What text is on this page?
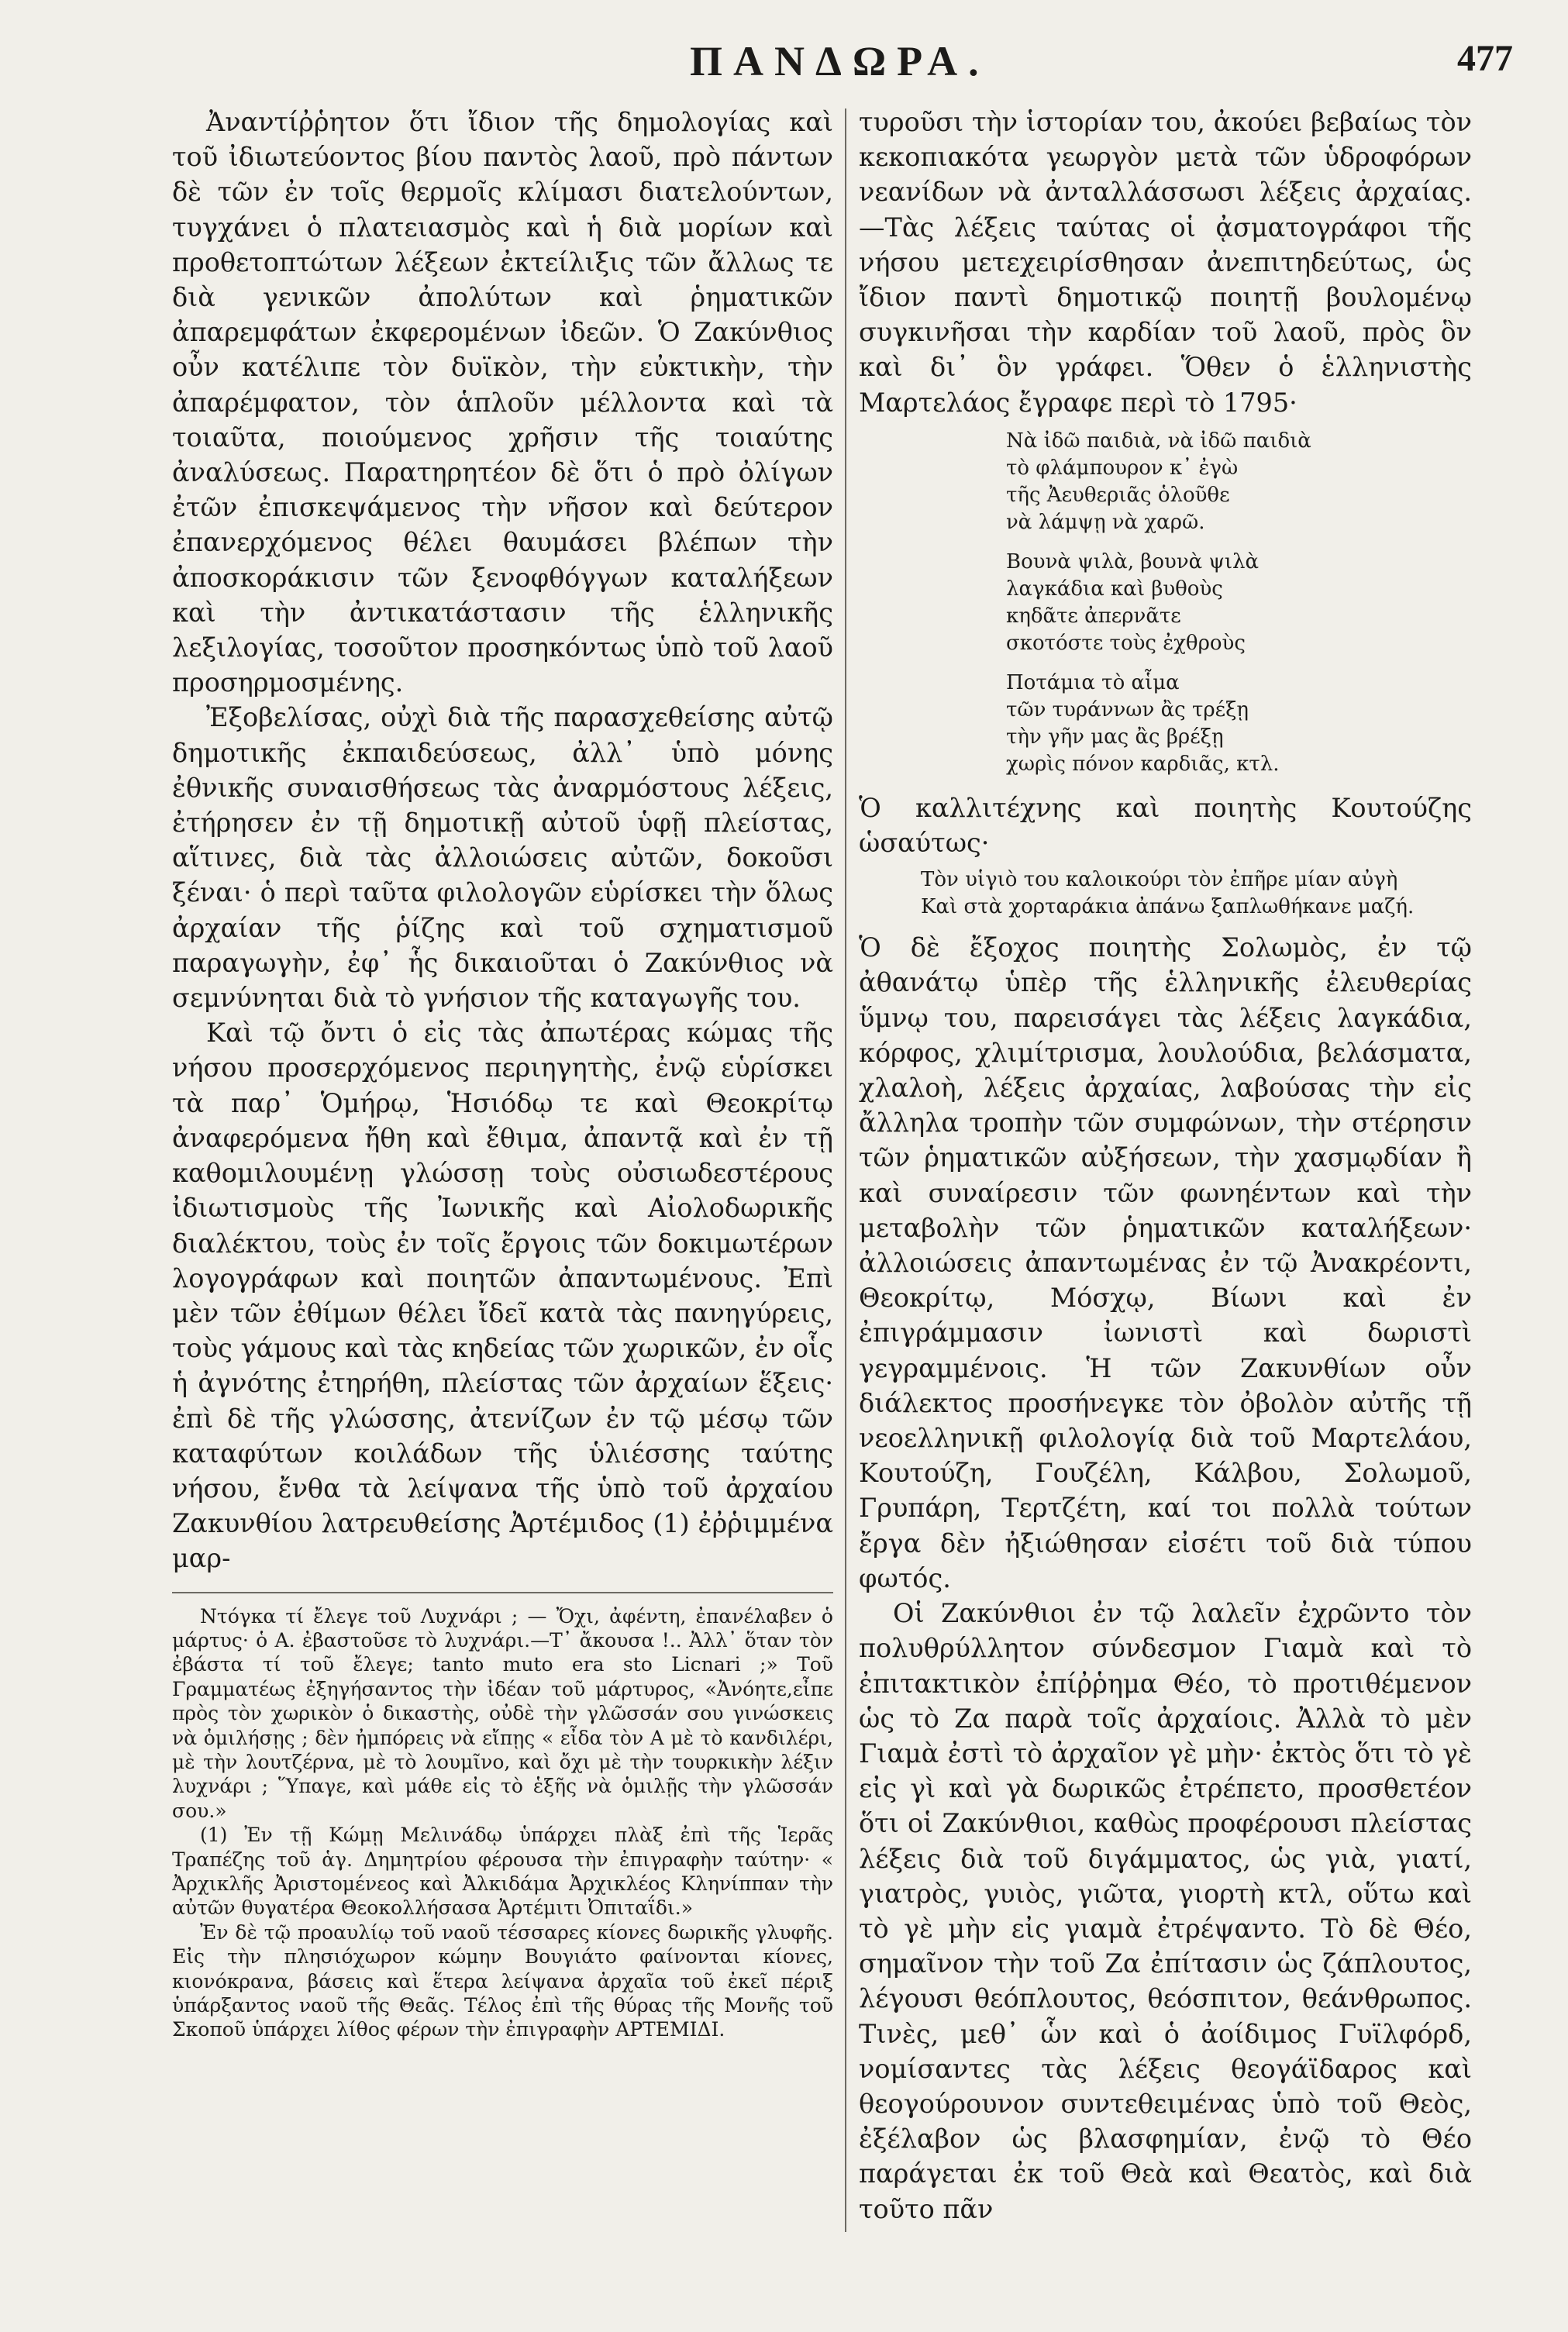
ΠΑΝΔΩΡΑ.	477

Ἀναντίῤῥητον ὅτι ἴδιον τῆς δημολογίας καὶ τοῦ ἰδιωτεύοντος βίου παντὸς λαοῦ, πρὸ πάντων δὲ τῶν ἐν τοῖς θερμοῖς κλίμασι διατελούντων, τυγχάνει ὁ πλατειασμὸς καὶ ἡ διὰ μορίων καὶ προθετοπτώτων λέξεων ἐκτείλιξις τῶν ἄλλως τε διὰ γενικῶν ἀπολύτων καὶ ῥηματικῶν ἀπαρεμφάτων ἐκφερομένων ἰδεῶν. Ὁ Ζακύνθιος οὖν κατέλιπε τὸν δυϊκὸν, τὴν εὐκτικὴν, τὴν ἀπαρέμφατον, τὸν ἁπλοῦν μέλλοντα καὶ τὰ τοιαῦτα, ποιούμενος χρῆσιν τῆς τοιαύτης ἀναλύσεως. Παρατηρητέον δὲ ὅτι ὁ πρὸ ὀλίγων ἐτῶν ἐπισκεψάμενος τὴν νῆσον καὶ δεύτερον ἐπανερχόμενος θέλει θαυμάσει βλέπων τὴν ἀποσκοράκισιν τῶν ξενοφθόγγων καταλήξεων καὶ τὴν ἀντικατάστασιν τῆς ἑλληνικῆς λεξιλογίας, τοσοῦτον προσηκόντως ὑπὸ τοῦ λαοῦ προσηρμοσμένης.

Ἐξοβελίσας, οὐχὶ διὰ τῆς παρασχεθείσης αὐτῷ δημοτικῆς ἐκπαιδεύσεως, ἀλλ᾽ ὑπὸ μόνης ἐθνικῆς συναισθήσεως τὰς ἀναρμόστους λέξεις, ἐτήρησεν ἐν τῇ δημοτικῇ αὐτοῦ ὑφῇ πλείστας, αἵτινες, διὰ τὰς ἀλλοιώσεις αὐτῶν, δοκοῦσι ξέναι· ὁ περὶ ταῦτα φιλολογῶν εὑρίσκει τὴν ὅλως ἀρχαίαν τῆς ῥίζης καὶ τοῦ σχηματισμοῦ παραγωγὴν, ἐφ᾽ ἧς δικαιοῦται ὁ Ζακύνθιος νὰ σεμνύνηται διὰ τὸ γνήσιον τῆς καταγωγῆς του.

Καὶ τῷ ὄντι ὁ εἰς τὰς ἀπωτέρας κώμας τῆς νήσου προσερχόμενος περιηγητὴς, ἐνῷ εὑρίσκει τὰ παρ᾽ Ὁμήρῳ, Ἡσιόδῳ τε καὶ Θεοκρίτῳ ἀναφερόμενα ἤθη καὶ ἔθιμα, ἀπαντᾷ καὶ ἐν τῇ καθομιλουμένῃ γλώσσῃ τοὺς οὐσιωδεστέρους ἰδιωτισμοὺς τῆς Ἰωνικῆς καὶ Αἰολοδωρικῆς διαλέκτου, τοὺς ἐν τοῖς ἔργοις τῶν δοκιμωτέρων λογογράφων καὶ ποιητῶν ἀπαντωμένους. Ἐπὶ μὲν τῶν ἐθίμων θέλει ἴδεῖ κατὰ τὰς πανηγύρεις, τοὺς γάμους καὶ τὰς κηδείας τῶν χωρικῶν, ἐν οἷς ἡ ἀγνότης ἐτηρήθη, πλείστας τῶν ἀρχαίων ἕξεις· ἐπὶ δὲ τῆς γλώσσης, ἀτενίζων ἐν τῷ μέσῳ τῶν καταφύτων κοιλάδων τῆς ὑλιέσσης ταύτης νήσου, ἔνθα τὰ λείψανα τῆς ὑπὸ τοῦ ἀρχαίου Ζακυνθίου λατρευθείσης Ἀρτέμιδος (1) ἐῤῥιμμένα μαρ-

Ντόγκα τί ἔλεγε τοῦ Λυχνάρι ; — Ὄχι, ἀφέντη, ἐπανέλαβεν ὁ μάρτυς· ὁ Α. ἐβαστοῦσε τὸ λυχνάρι.—Τ᾽ ἄκουσα !.. Ἀλλ᾽ ὅταν τὸν ἐβάστα τί τοῦ ἔλεγε; tanto muto era sto Licnari ;» Τοῦ Γραμματέως ἐξηγήσαντος τὴν ἰδέαν τοῦ μάρτυρος, «Ἀνόητε,εἶπε πρὸς τὸν χωρικὸν ὁ δικαστὴς, οὐδὲ τὴν γλῶσσάν σου γινώσκεις νὰ ὁμιλήσῃς ; δὲν ἠμπόρεις νὰ εἴπῃς « εἶδα τὸν Α μὲ τὸ κανδιλέρι, μὲ τὴν λουτζέρνα, μὲ τὸ λουμῖνο, καὶ ὄχι μὲ τὴν τουρκικὴν λέξιν λυχνάρι ; Ὕπαγε, καὶ μάθε εἰς τὸ ἑξῆς νὰ ὁμιλῇς τὴν γλῶσσάν σου.»

(1) Ἐν τῇ Κώμῃ Μελινάδῳ ὑπάρχει πλὰξ ἐπὶ τῆς Ἱερᾶς Τραπέζης τοῦ ἁγ. Δημητρίου φέρουσα τὴν ἐπιγραφὴν ταύτην· « Ἀρχικλῆς Ἀριστομένεος καὶ Ἀλκιδάμα Ἀρχικλέος Κληνίππαν τὴν αὐτῶν θυγατέρα Θεοκολλήσασα Ἀρτέμιτι Ὀπιταΐδι.»

Ἐν δὲ τῷ προαυλίῳ τοῦ ναοῦ τέσσαρες κίονες δωρικῆς γλυφῆς. Εἰς τὴν πλησιόχωρον κώμην Βουγιάτο φαίνονται κίονες, κιονόκρανα, βάσεις καὶ ἕτερα λείψανα ἀρχαῖα τοῦ ἐκεῖ πέριξ ὑπάρξαντος ναοῦ τῆς Θεᾶς. Τέλος ἐπὶ τῆς θύρας τῆς Μονῆς τοῦ Σκοποῦ ὑπάρχει λίθος φέρων τὴν ἐπιγραφὴν ΑΡΤΕΜΙΔΙ.

τυροῦσι τὴν ἱστορίαν του, ἀκούει βεβαίως τὸν κεκοπιακότα γεωργὸν μετὰ τῶν ὑδροφόρων νεανίδων νὰ ἀνταλλάσσωσι λέξεις ἀρχαίας.—Τὰς λέξεις ταύτας οἱ ᾀσματογράφοι τῆς νήσου μετεχειρίσθησαν ἀνεπιτηδεύτως, ὡς ἴδιον παντὶ δημοτικῷ ποιητῇ βουλομένῳ συγκινῆσαι τὴν καρδίαν τοῦ λαοῦ, πρὸς ὃν καὶ δι᾽ ὃν γράφει. Ὅθεν ὁ ἑλληνιστὴς Μαρτελάος ἔγραφε περὶ τὸ 1795·

Νὰ ἰδῶ παιδιὰ, νὰ ἰδῶ παιδιὰ
τὸ φλάμπουρον κ᾽ ἐγὼ
τῆς Ἀευθεριᾶς ὁλοῦθε
νὰ λάμψῃ νὰ χαρῶ.
Βουνὰ ψιλὰ, βουνὰ ψιλὰ
λαγκάδια καὶ βυθοὺς
κηδᾶτε ἀπερνᾶτε
σκοτόστε τοὺς ἐχθροὺς
Ποτάμια τὸ αἷμα
τῶν τυράννων ἂς τρέξῃ
τὴν γῆν μας ἂς βρέξῃ
χωρὶς πόνον καρδιᾶς, κτλ.

Ὁ καλλιτέχνης καὶ ποιητὴς Κουτούζης ὡσαύτως·

Τὸν υἱγιὸ του καλοικούρι τὸν ἐπῆρε μίαν αὐγὴ
Καὶ στὰ χορταράκια ἀπάνω ξαπλωθήκανε μαζή.

Ὁ δὲ ἔξοχος ποιητὴς Σολωμὸς, ἐν τῷ ἀθανάτῳ ὑπὲρ τῆς ἑλληνικῆς ἐλευθερίας ὕμνῳ του, παρεισάγει τὰς λέξεις λαγκάδια, κόρφος, χλιμίτρισμα, λουλούδια, βελάσματα, χλαλοὴ, λέξεις ἀρχαίας, λαβούσας τὴν εἰς ἄλληλα τροπὴν τῶν συμφώνων, τὴν στέρησιν τῶν ῥηματικῶν αὐξήσεων, τὴν χασμῳδίαν ἢ καὶ συναίρεσιν τῶν φωνηέντων καὶ τὴν μεταβολὴν τῶν ῥηματικῶν καταλήξεων· ἀλλοιώσεις ἀπαντωμένας ἐν τῷ Ἀνακρέοντι, Θεοκρίτῳ, Μόσχῳ, Βίωνι καὶ ἐν ἐπιγράμμασιν ἰωνιστὶ καὶ δωριστὶ γεγραμμένοις. Ἡ τῶν Ζακυνθίων οὖν διάλεκτος προσήνεγκε τὸν ὀβολὸν αὐτῆς τῇ νεοελληνικῇ φιλολογίᾳ διὰ τοῦ Μαρτελάου, Κουτούζη, Γουζέλη, Κάλβου, Σολωμοῦ, Γρυπάρη, Τερτζέτη, καί τοι πολλὰ τούτων ἔργα δὲν ἠξιώθησαν εἰσέτι τοῦ διὰ τύπου φωτός.

Οἱ Ζακύνθιοι ἐν τῷ λαλεῖν ἐχρῶντο τὸν πολυθρύλλητον σύνδεσμον Γιαμὰ καὶ τὸ ἐπιτακτικὸν ἐπίῤῥημα Θέο, τὸ προτιθέμενον ὡς τὸ Ζα παρὰ τοῖς ἀρχαίοις. Ἀλλὰ τὸ μὲν Γιαμὰ ἐστὶ τὸ ἀρχαῖον γὲ μὴν· ἐκτὸς ὅτι τὸ γὲ εἰς γὶ καὶ γὰ δωρικῶς ἐτρέπετο, προσθετέον ὅτι οἱ Ζακύνθιοι, καθὼς προφέρουσι πλείστας λέξεις διὰ τοῦ διγάμματος, ὡς γιὰ, γιατί, γιατρὸς, γυιὸς, γιῶτα, γιορτὴ κτλ, οὕτω καὶ τὸ γὲ μὴν εἰς γιαμὰ ἐτρέψαντο. Τὸ δὲ Θέο, σημαῖνον τὴν τοῦ Ζα ἐπίτασιν ὡς ζάπλουτος, λέγουσι θεόπλουτος, θεόσπιτον, θεάνθρωπος. Τινὲς, μεθ᾽ ὧν καὶ ὁ ἀοίδιμος Γυϊλφόρδ, νομίσαντες τὰς λέξεις θεογάϊδαρος καὶ θεογούρουνον συντεθειμένας ὑπὸ τοῦ Θεὸς, ἐξέλαβον ὡς βλασφημίαν, ἐνῷ τὸ Θέο παράγεται ἐκ τοῦ Θεὰ καὶ Θεατὸς, καὶ διὰ τοῦτο πᾶν
